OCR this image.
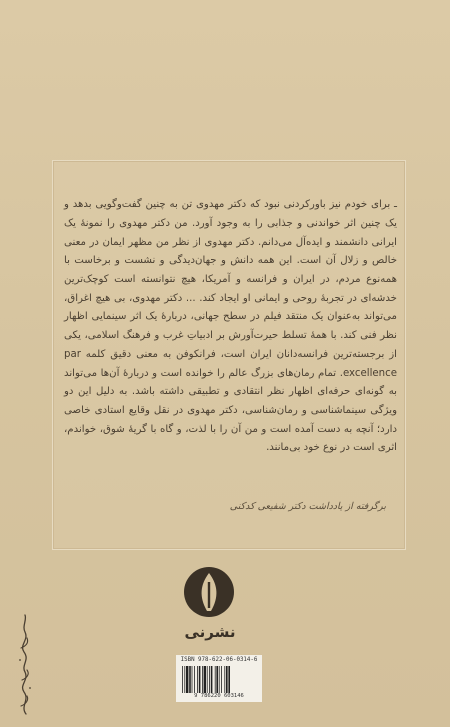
ـ برای خودم نیز باورکردنی نبود که دکتر مهدوی تن به چنین گفت‌وگویی بدهد و یک چنین اثر خواندنی و جذابی را به وجود آورد. من دکتر مهدوی را نمونهٔ یک ایرانی دانشمند و ایده‌آل می‌دانم. دکتر مهدوی از نظر من مظهر ایمان در معنی خالص و زلال آن است. این همه دانش و جهان‌دیدگی و نشست و برخاست با همه‌نوع مردم، در ایران و فرانسه و آمریکا، هیچ نتوانسته است کوچک‌ترین خدشه‌ای در تجربهٔ روحی و ایمانی او ایجاد کند. ... دکتر مهدوی، بی هیچ اغراق، می‌تواند به‌عنوان یک منتقد فیلم در سطح جهانی، دربارهٔ یک اثر سینمایی اظهار نظر فنی کند. با همهٔ تسلط حیرت‌آورش بر ادبیاتِ غرب و فرهنگ اسلامی، یکی از برجسته‌ترین فرانسه‌دانان ایران است، فرانکوفن به معنی دقیق کلمه par excellence. تمام رمان‌های بزرگ عالم را خوانده است و دربارهٔ آن‌ها می‌تواند به گونه‌ای حرفه‌ای اظهار نظر انتقادی و تطبیقی داشته باشد. به دلیل این دو ویژگی سینماشناسی و رمان‌شناسی، دکتر مهدوی در نقل وقایع استادی خاصی دارد؛ آنچه به دست آمده است و من آن را با لذت، و گاه با گریهٔ شوق، خواندم، اثری است در نوع خود بی‌مانند.

برگرفته از یادداشت دکتر شفیعی کدکنی
نشرنی
ISBN 978-622-06-0314-6
9 786220 603146
